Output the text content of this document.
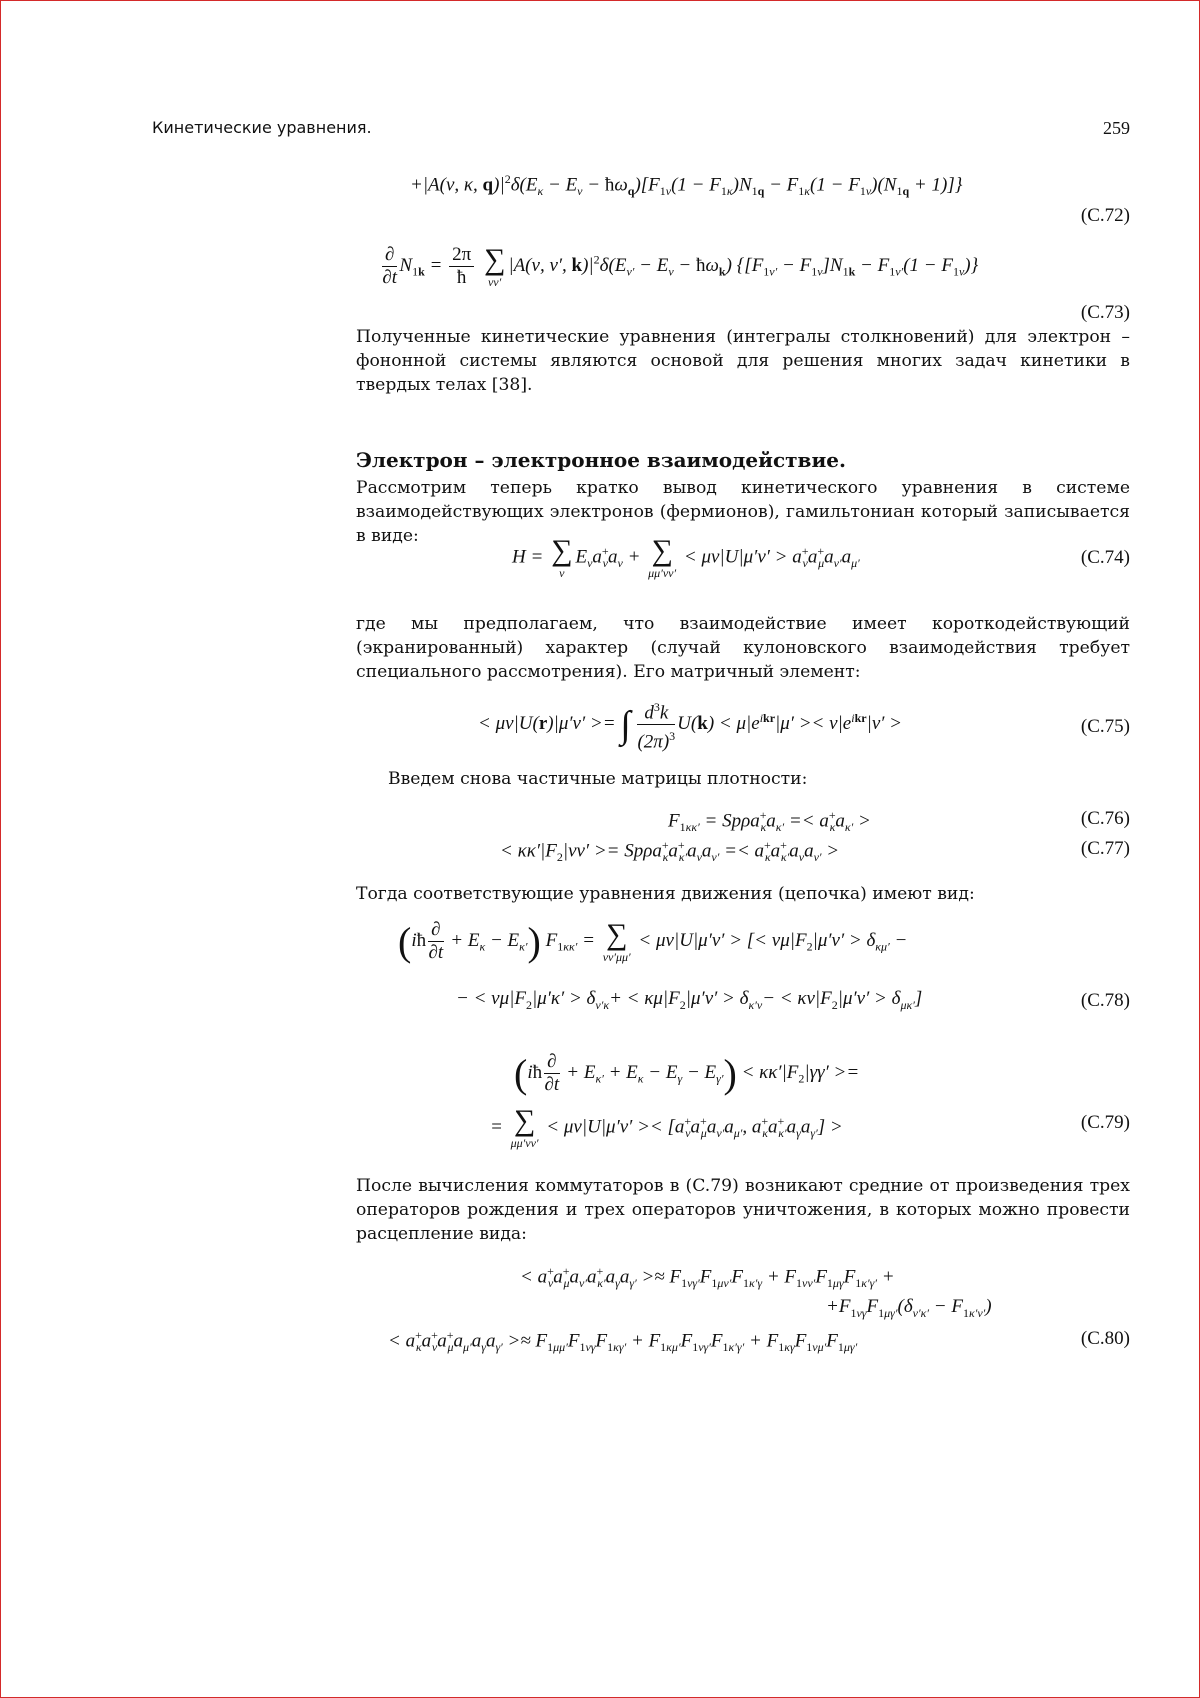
Кинетические уравнения.	259
+|A(ν, κ, $q)|^2\delta(E_\kappa - E_\nu$ − $ħ\omega_q)[F_{1\nu}(1 - F_{1\kappa})N_{1q} - F_{1\kappa}(1 - F_{1\nu})(N_{1q} + 1)]$}
(C.72)
$\frac{\partial}{\partial t} N_{1k} = \frac{2\pi}{ħ}$
∑
νν′
|A(ν, ν′, $k)|^2\delta(E_{\nu'} - E_\nu$ − $ħ\omega_k$) $\{[F_{1\nu'} - F_{1\nu}]N_{1k} - F_{1\nu'}(1 - F_{1\nu})\}$
(C.73)
Полученные кинетические уравнения (интегралы столкновений) для электрон – фононной системы являются основой для решения многих задач кинетики в твердых телах [38].
Электрон – электронное взаимодействие.
Рассмотрим теперь кратко вывод кинетического уравнения в системе взаимодействующих электронов (фермионов), гамильтониан который записывается в виде:
H = ∑
ν
$E_\nu a^+_\nu a_\nu$ + ∑
μμ′νν′
< $\mu\nu|U|\mu'\nu' > a^+_\nu a^+_\mu a_{\nu'}a_{\mu'}$	(C.74)
где мы предполагаем, что взаимодействие имеет короткодействующий (экранированный) характер (случай кулоновского взаимодействия требует специального рассмотрения). Его матричный элемент:
< μν|U(r)|μ′ν′ >= ∫ $\frac{d^3k}{(2\pi)^3} U(k) < \mu|e^{ikr}|\mu' >< \nu|e^{ikr}|\nu'$ >	(C.75)
Введем снова частичные матрицы плотности:
$F_{1\kappa\kappa'} = Sp\rho a^+_\kappa a_{\kappa'} =< a^+_\kappa a_{\kappa'}$ >	(C.76)
< $\kappa\kappa'|F_2|\nu\nu' >= Sp\rho a^+_\kappa a^+_{\kappa'}a_\nu a_{\nu'} =< a^+_\kappa a^+_{\kappa'}a_\nu a_{\nu'}$ >	(C.77)
Тогда соответствующие уравнения движения (цепочка) имеют вид:
(iħ $\frac{\partial}{\partial t} + E_\kappa - E_{\kappa'}$) $F_{1\kappa\kappa'}$ = ∑
νν′μμ′
< μν|U|μ′ν′ > [< $\nu\mu|F_2|\mu'\nu' > \delta_{\kappa\mu'}$ −
− < $\nu\mu|F_2|\mu'\kappa' > \delta_{\nu'\kappa}+ < \kappa\mu|F_2|\mu'\nu' > \delta_{\kappa'\nu}- < \kappa\nu|F_2|\mu'\nu' > \delta_{\mu\kappa'}$]	(C.78)
(iħ $\frac{\partial}{\partial t} + E_{\kappa'} + E_\kappa - E_\gamma - E_{\gamma'}) < \kappa\kappa'|F_2|\gamma\gamma'$ >=
= ∑
μμ′νν′
< $\mu\nu|U|\mu'\nu' >< [a^+_\nu a^+_\mu a_{\nu'}a_{\mu'}$, $a^+_\kappa a^+_{\kappa'}a_\gamma a_{\gamma'}$] >	(C.79)
После вычисления коммутаторов в (C.79) возникают средние от произведения трех операторов рождения и трех операторов уничтожения, в которых можно провести расцепление вида:
< $a^+_\nu a^+_\mu a_{\nu'}a^+_{\kappa'}a_\gamma a_{\gamma'} >\approx F_{1\nu\gamma'}F_{1\mu\nu'}F_{1\kappa'\gamma} + F_{1\nu\nu'}F_{1\mu\gamma}F_{1\kappa'\gamma'}$ +
$+F_{1\nu\gamma}F_{1\mu\gamma'}(\delta_{\nu'\kappa'} - F_{1\kappa'\nu'})$
< $a^+_\kappa a^+_\nu a^+_\mu a_{\mu'}a_\gamma a_{\gamma'} >\approx F_{1\mu\mu'}F_{1\nu\gamma}F_{1\kappa\gamma'} + F_{1\kappa\mu'}F_{1\nu\gamma'}F_{1\kappa'\gamma'} + F_{1\kappa\gamma}F_{1\nu\mu'}F_{1\mu\gamma'}$	(C.80)
